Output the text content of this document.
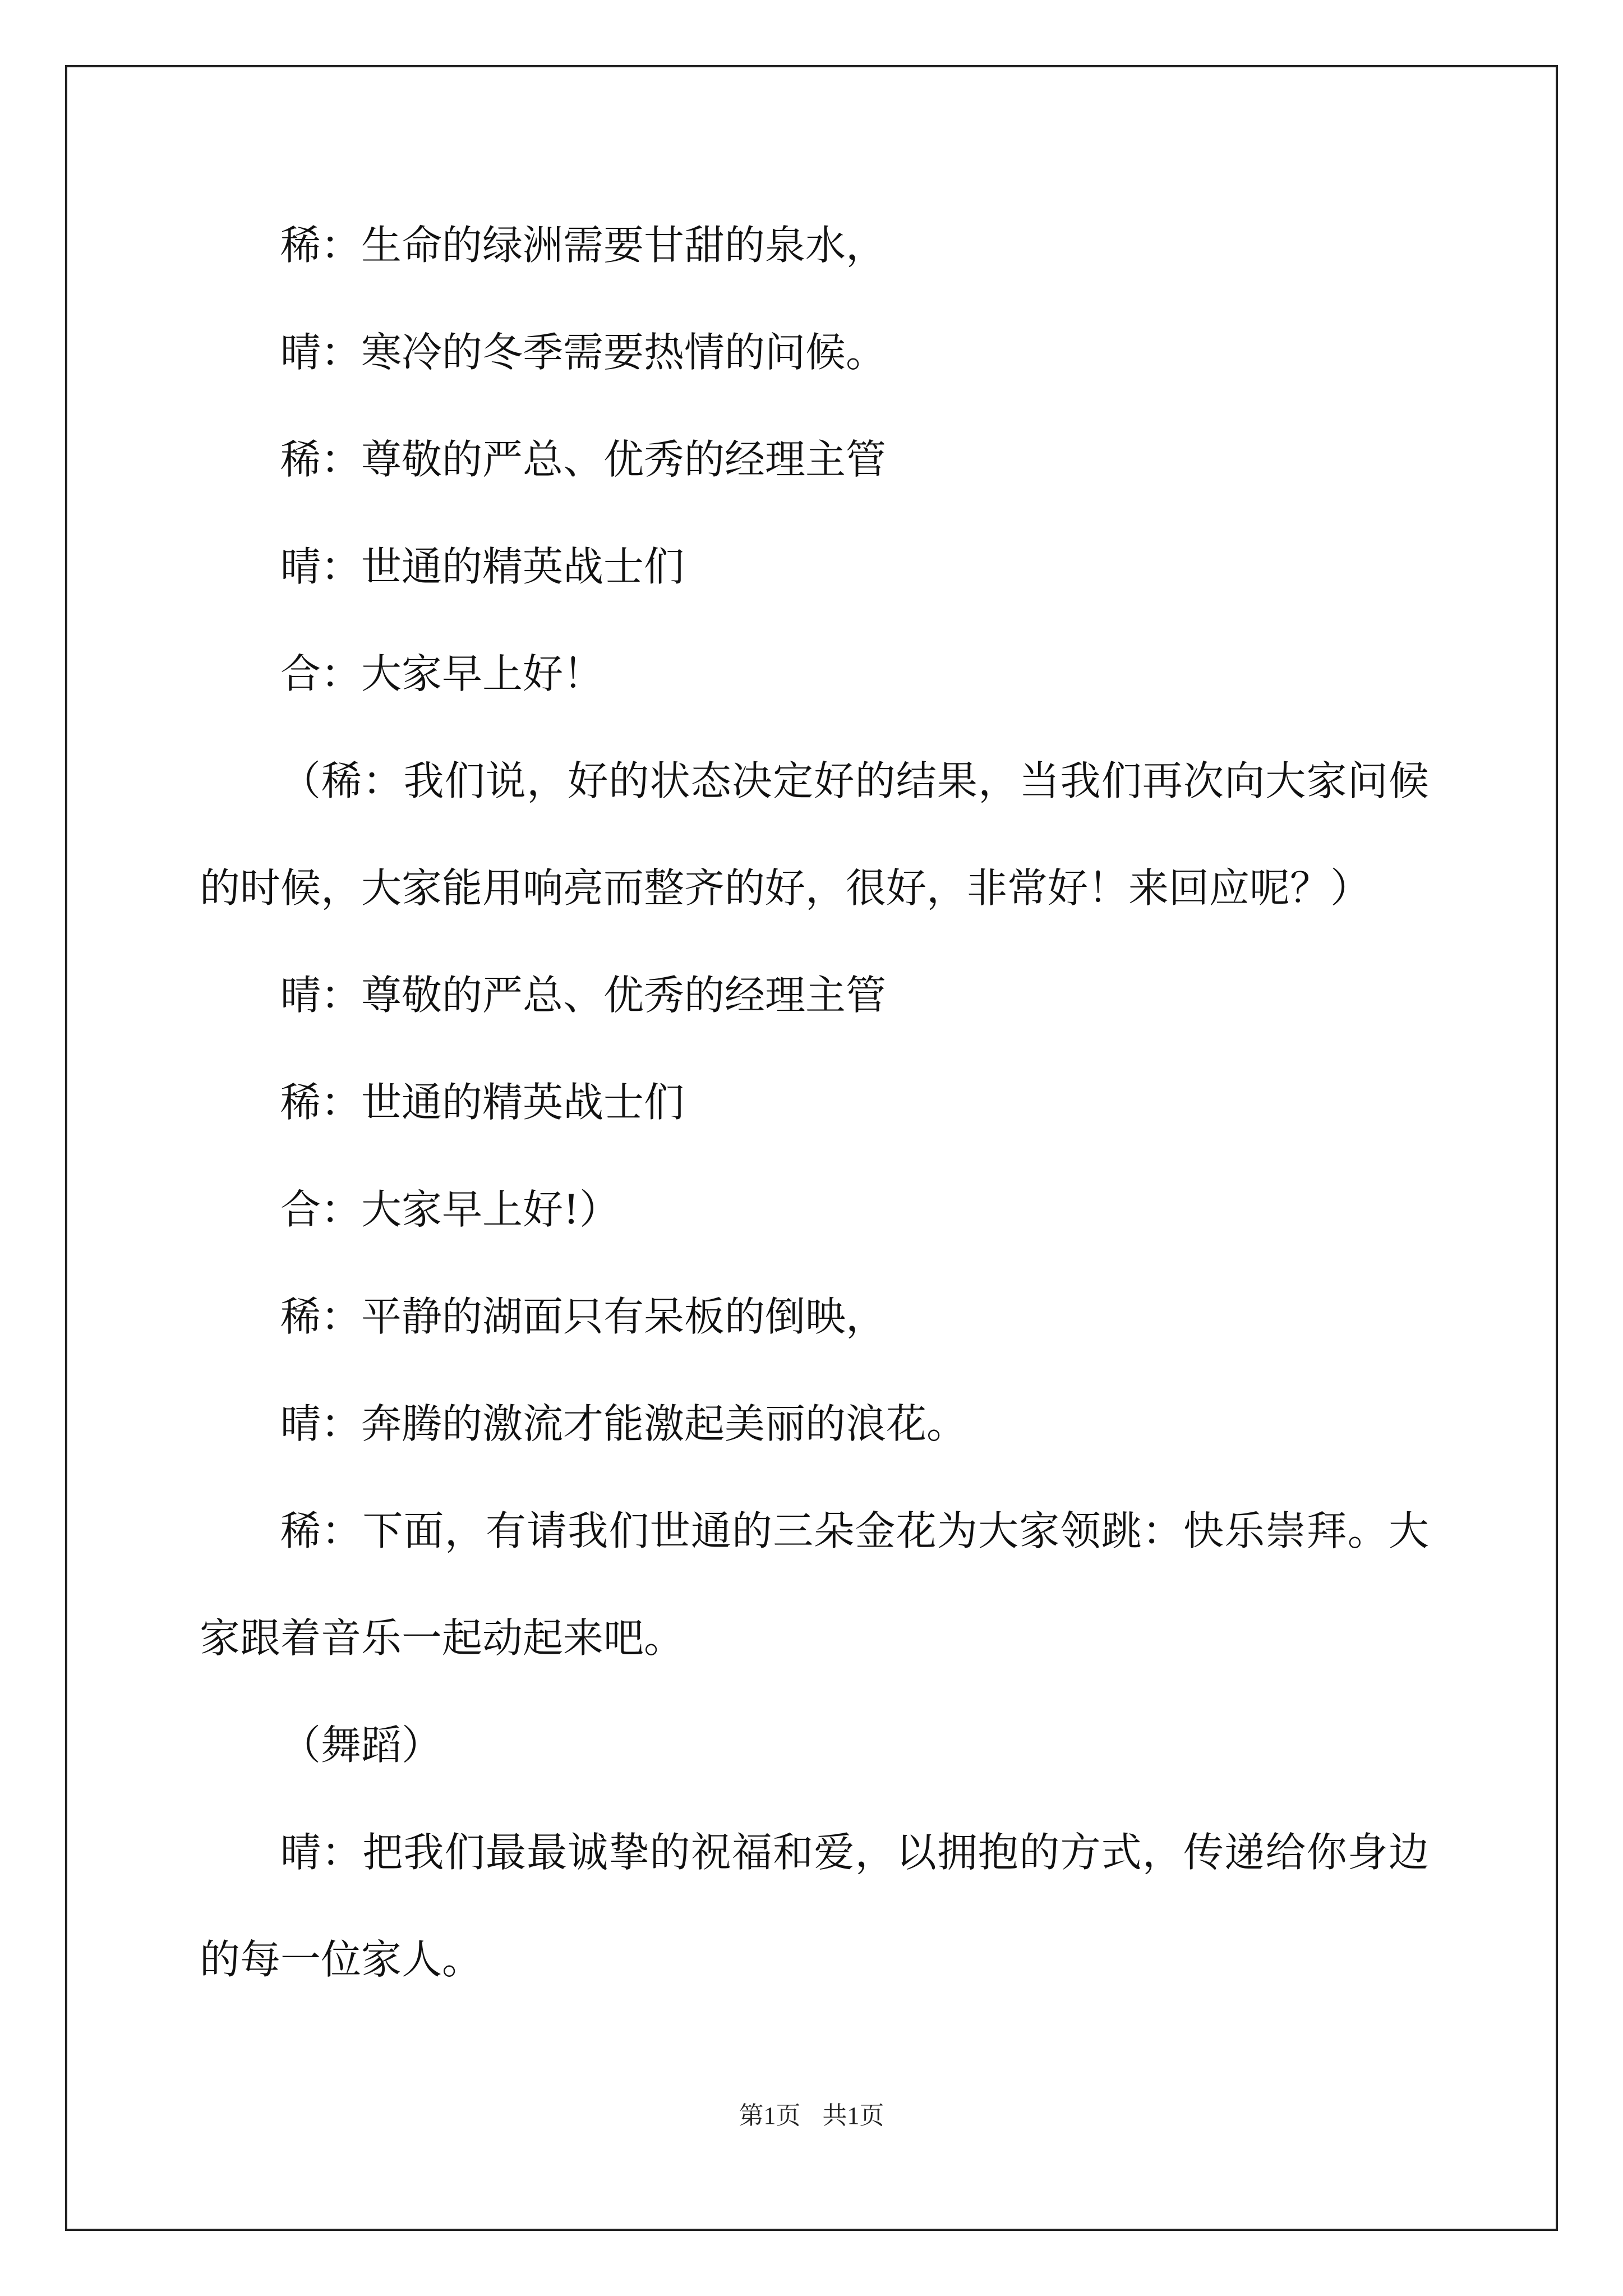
稀：生命的绿洲需要甘甜的泉水，

晴：寒冷的冬季需要热情的问候。

稀：尊敬的严总、优秀的经理主管

晴：世通的精英战士们

合：大家早上好！

（稀：我们说，好的状态决定好的结果，当我们再次向大家问候的时候，大家能用响亮而整齐的好，很好，非常好！来回应呢？）

晴：尊敬的严总、优秀的经理主管

稀：世通的精英战士们

合：大家早上好!）

稀：平静的湖面只有呆板的倒映，

晴：奔腾的激流才能激起美丽的浪花。

稀：下面，有请我们世通的三朵金花为大家领跳：快乐崇拜。大家跟着音乐一起动起来吧。

（舞蹈）

晴：把我们最最诚挚的祝福和爱，以拥抱的方式，传递给你身边的每一位家人。

第1页 共1页
